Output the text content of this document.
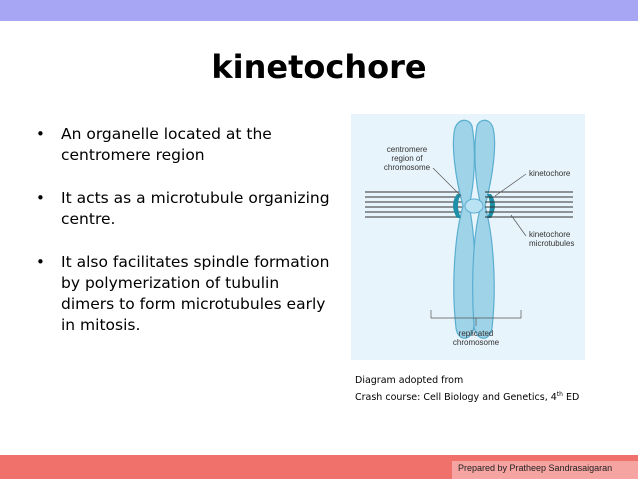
kinetochore
• An organelle located at the centromere region
• It acts as a microtubule organizing centre.
• It also facilitates spindle formation by polymerization of tubulin dimers to form microtubules early in mitosis.
centromere
region of
chromosome
kinetochore
kinetochore
microtubules
replicated
chromosome
Diagram adopted from
Crash course: Cell Biology and Genetics, 4th ED
Prepared by Pratheep Sandrasaigaran
